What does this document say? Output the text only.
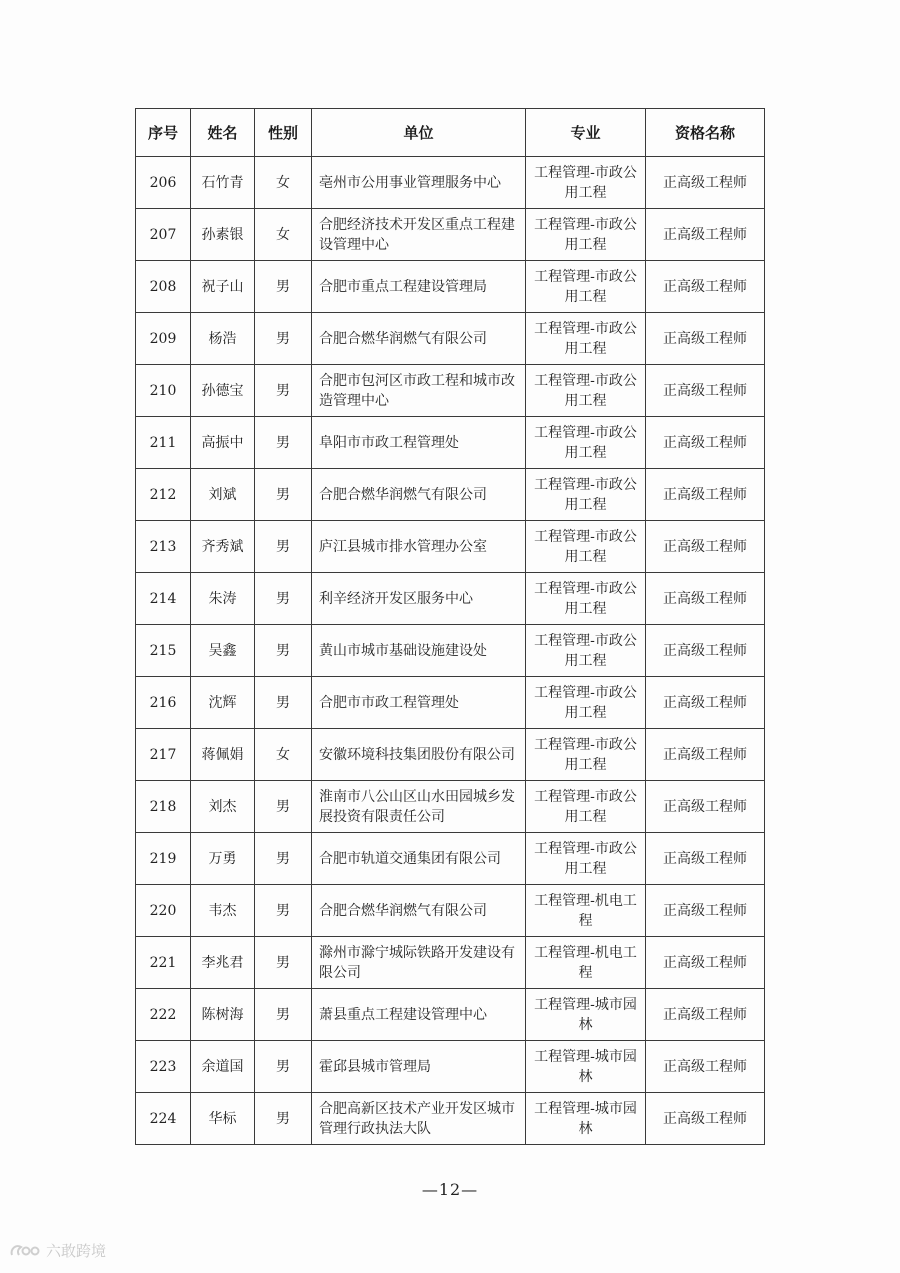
序号	姓名	性别	单位	专业	资格名称
206	石竹青	女	亳州市公用事业管理服务中心	工程管理-市政公用工程	正高级工程师
207	孙素银	女	合肥经济技术开发区重点工程建设管理中心	工程管理-市政公用工程	正高级工程师
208	祝子山	男	合肥市重点工程建设管理局	工程管理-市政公用工程	正高级工程师
209	杨浩	男	合肥合燃华润燃气有限公司	工程管理-市政公用工程	正高级工程师
210	孙德宝	男	合肥市包河区市政工程和城市改造管理中心	工程管理-市政公用工程	正高级工程师
211	高振中	男	阜阳市市政工程管理处	工程管理-市政公用工程	正高级工程师
212	刘斌	男	合肥合燃华润燃气有限公司	工程管理-市政公用工程	正高级工程师
213	齐秀斌	男	庐江县城市排水管理办公室	工程管理-市政公用工程	正高级工程师
214	朱涛	男	利辛经济开发区服务中心	工程管理-市政公用工程	正高级工程师
215	吴鑫	男	黄山市城市基础设施建设处	工程管理-市政公用工程	正高级工程师
216	沈辉	男	合肥市市政工程管理处	工程管理-市政公用工程	正高级工程师
217	蒋佩娟	女	安徽环境科技集团股份有限公司	工程管理-市政公用工程	正高级工程师
218	刘杰	男	淮南市八公山区山水田园城乡发展投资有限责任公司	工程管理-市政公用工程	正高级工程师
219	万勇	男	合肥市轨道交通集团有限公司	工程管理-市政公用工程	正高级工程师
220	韦杰	男	合肥合燃华润燃气有限公司	工程管理-机电工程	正高级工程师
221	李兆君	男	滁州市滁宁城际铁路开发建设有限公司	工程管理-机电工程	正高级工程师
222	陈树海	男	萧县重点工程建设管理中心	工程管理-城市园林	正高级工程师
223	余道国	男	霍邱县城市管理局	工程管理-城市园林	正高级工程师
224	华标	男	合肥高新区技术产业开发区城市管理行政执法大队	工程管理-城市园林	正高级工程师
—12—
六敢跨境
